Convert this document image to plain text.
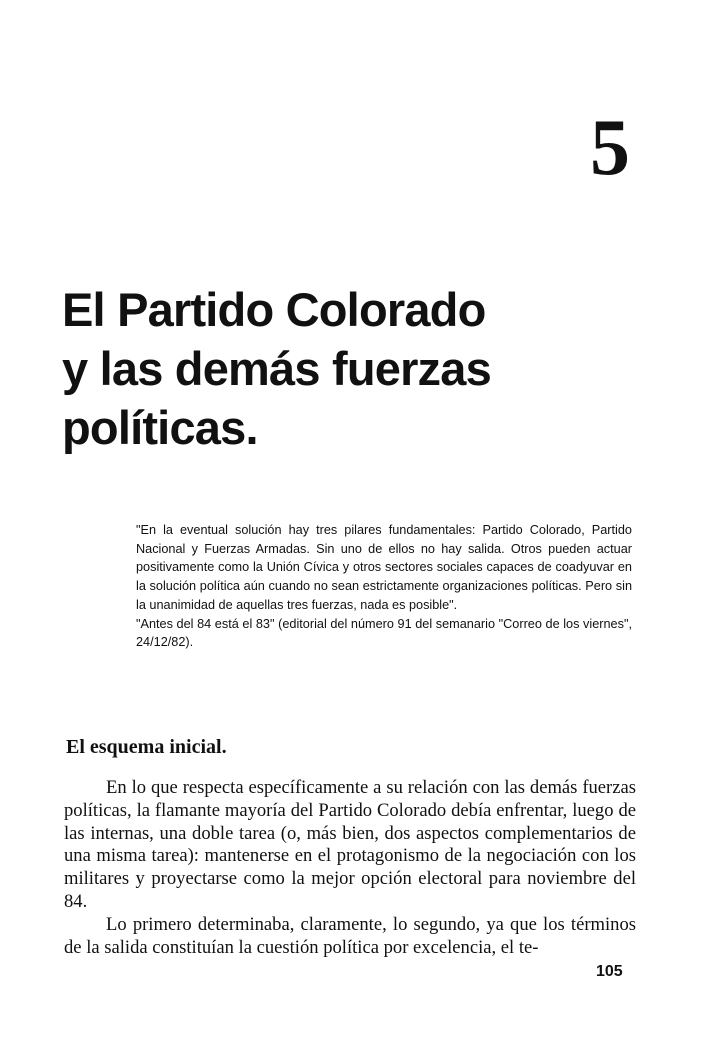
5
El Partido Colorado
y las demás fuerzas
políticas.

"En la eventual solución hay tres pilares fundamentales: Partido Colorado, Partido Nacional y Fuerzas Armadas. Sin uno de ellos no hay salida. Otros pueden actuar positivamente como la Unión Cívica y otros sectores sociales capaces de coadyuvar en la solución política aún cuando no sean estrictamente organizaciones políticas. Pero sin la unanimidad de aquellas tres fuerzas, nada es posible".

"Antes del 84 está el 83" (editorial del número 91 del semanario "Correo de los viernes", 24/12/82).

El esquema inicial.

En lo que respecta específicamente a su relación con las demás fuerzas políticas, la flamante mayoría del Partido Colorado debía enfrentar, luego de las internas, una doble tarea (o, más bien, dos aspectos complementarios de una misma tarea): mantenerse en el protagonismo de la negociación con los militares y proyectarse como la mejor opción electoral para noviembre del 84.

Lo primero determinaba, claramente, lo segundo, ya que los términos de la salida constituían la cuestión política por excelencia, el te-

105
